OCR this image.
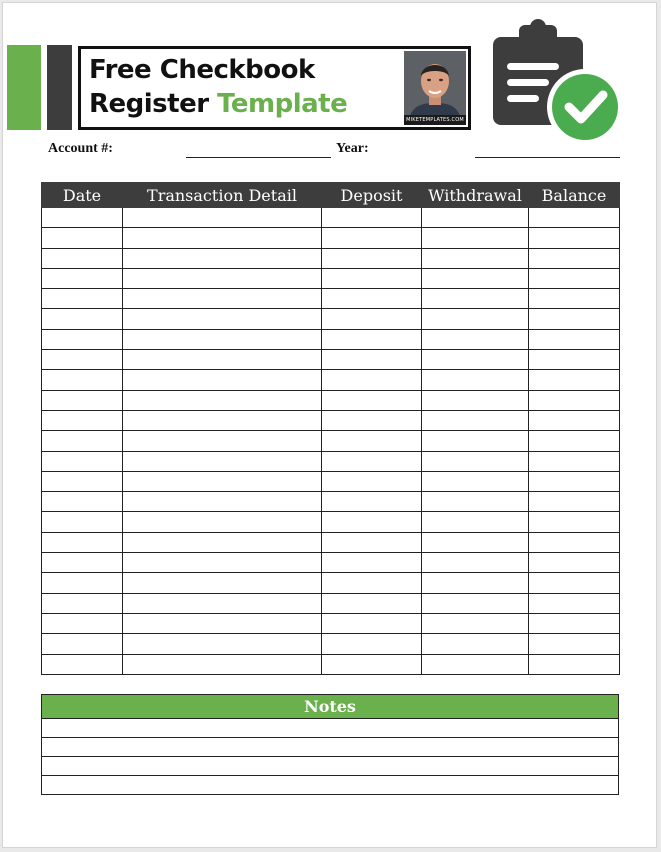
Free Checkbook
Register Template
MIKETEMPLATES.COM
Account #:	Year:
Date	Transaction Detail	Deposit	Withdrawal	Balance

Notes
